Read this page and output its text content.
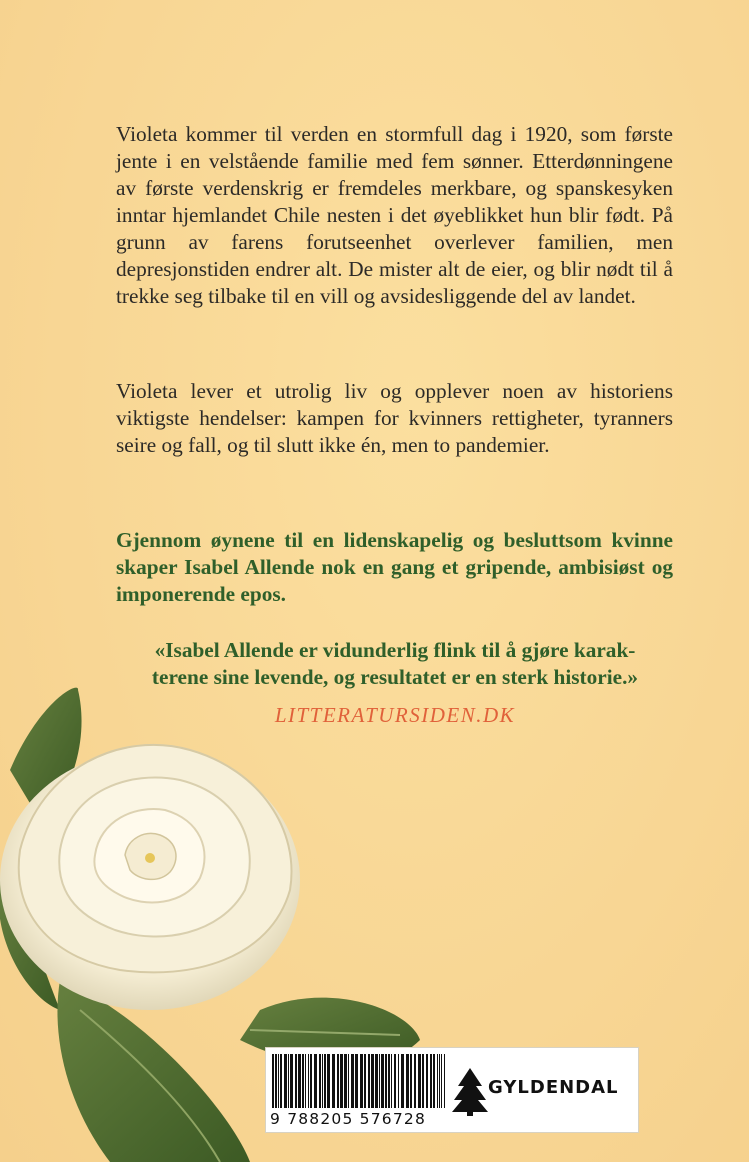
Violeta kommer til verden en stormfull dag i 1920, som første jente i en velstående familie med fem sønner. Etterdønningene av første verdenskrig er fremdeles merkbare, og spanskesyken inntar hjemlandet Chile nesten i det øyeblikket hun blir født. På grunn av farens forutseenhet overlever familien, men depresjonstiden endrer alt. De mister alt de eier, og blir nødt til å trekke seg tilbake til en vill og avsidesliggende del av landet.

Violeta lever et utrolig liv og opplever noen av historiens viktigste hendelser: kampen for kvinners rettigheter, tyranners seire og fall, og til slutt ikke én, men to pandemier.

Gjennom øynene til en lidenskapelig og besluttsom kvinne skaper Isabel Allende nok en gang et gripende, ambisiøst og imponerende epos.

«Isabel Allende er vidunderlig flink til å gjøre karak-
terene sine levende, og resultatet er en sterk historie.»

LITTERATURSIDEN.DK

9 788205 576728
GYLDENDAL
